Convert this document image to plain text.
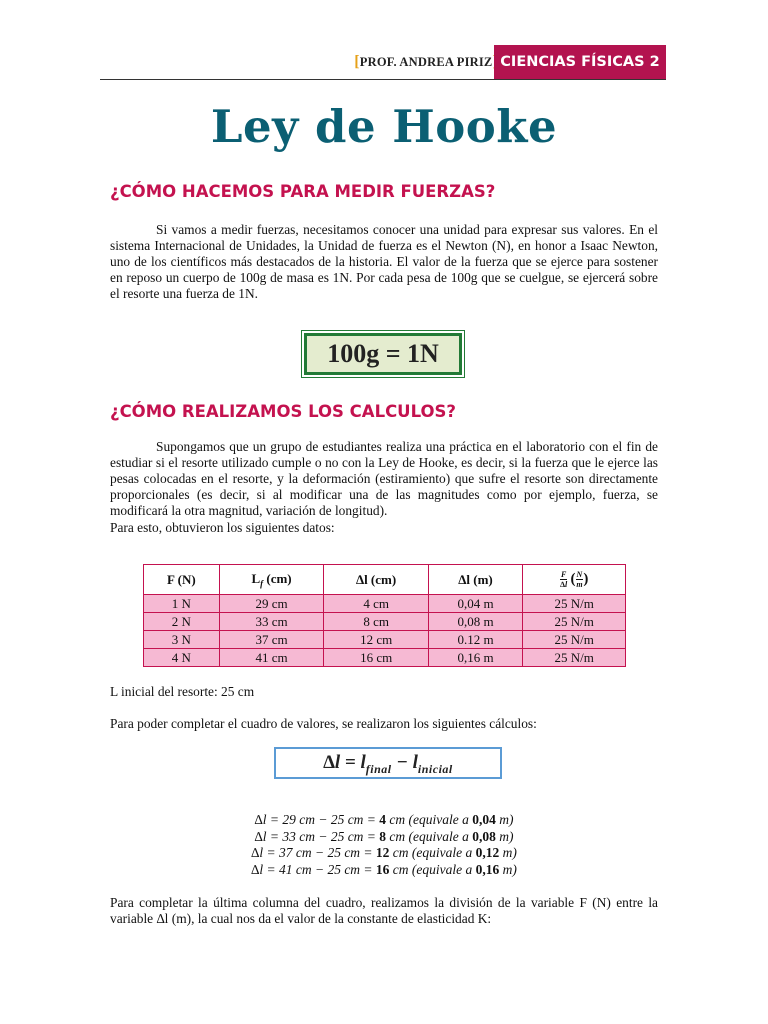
[PROF. ANDREA PIRIZ CIENCIAS FÍSICAS 2
Ley de Hooke
¿CÓMO HACEMOS PARA MEDIR FUERZAS?
Si vamos a medir fuerzas, necesitamos conocer una unidad para expresar sus valores. En el sistema Internacional de Unidades, la Unidad de fuerza es el Newton (N), en honor a Isaac Newton, uno de los científicos más destacados de la historia. El valor de la fuerza que se ejerce para sostener en reposo un cuerpo de 100g de masa es 1N. Por cada pesa de 100g que se cuelgue, se ejercerá sobre el resorte una fuerza de 1N.
100g = 1N
¿CÓMO REALIZAMOS LOS CALCULOS?
Supongamos que un grupo de estudiantes realiza una práctica en el laboratorio con el fin de estudiar si el resorte utilizado cumple o no con la Ley de Hooke, es decir, si la fuerza que le ejerce las pesas colocadas en el resorte, y la deformación (estiramiento) que sufre el resorte son directamente proporcionales (es decir, si al modificar una de las magnitudes como por ejemplo, fuerza, se modificará la otra magnitud, variación de longitud).
Para esto, obtuvieron los siguientes datos:
F (N)	$L_f$ (cm)	∆l (cm)	∆l (m)	$\frac{F}{\Delta l}$ ( $\frac{N}{m}$)
1 N	29 cm	4 cm	0,04 m	25 N/m
2 N	33 cm	8 cm	0,08 m	25 N/m
3 N	37 cm	12 cm	0.12 m	25 N/m
4 N	41 cm	16 cm	0,16 m	25 N/m
L inicial del resorte: 25 cm
Para poder completar el cuadro de valores, se realizaron los siguientes cálculos:
$\Delta l = l_{final} - l_{inicial}$
∆l = 29 cm − 25 cm = 4 cm (equivale a 0,04 m)
∆l = 33 cm − 25 cm = 8 cm (equivale a 0,08 m)
∆l = 37 cm − 25 cm = 12 cm (equivale a 0,12 m)
∆l = 41 cm − 25 cm = 16 cm (equivale a 0,16 m)
Para completar la última columna del cuadro, realizamos la división de la variable F (N) entre la variable ∆l (m), la cual nos da el valor de la constante de elasticidad K:
